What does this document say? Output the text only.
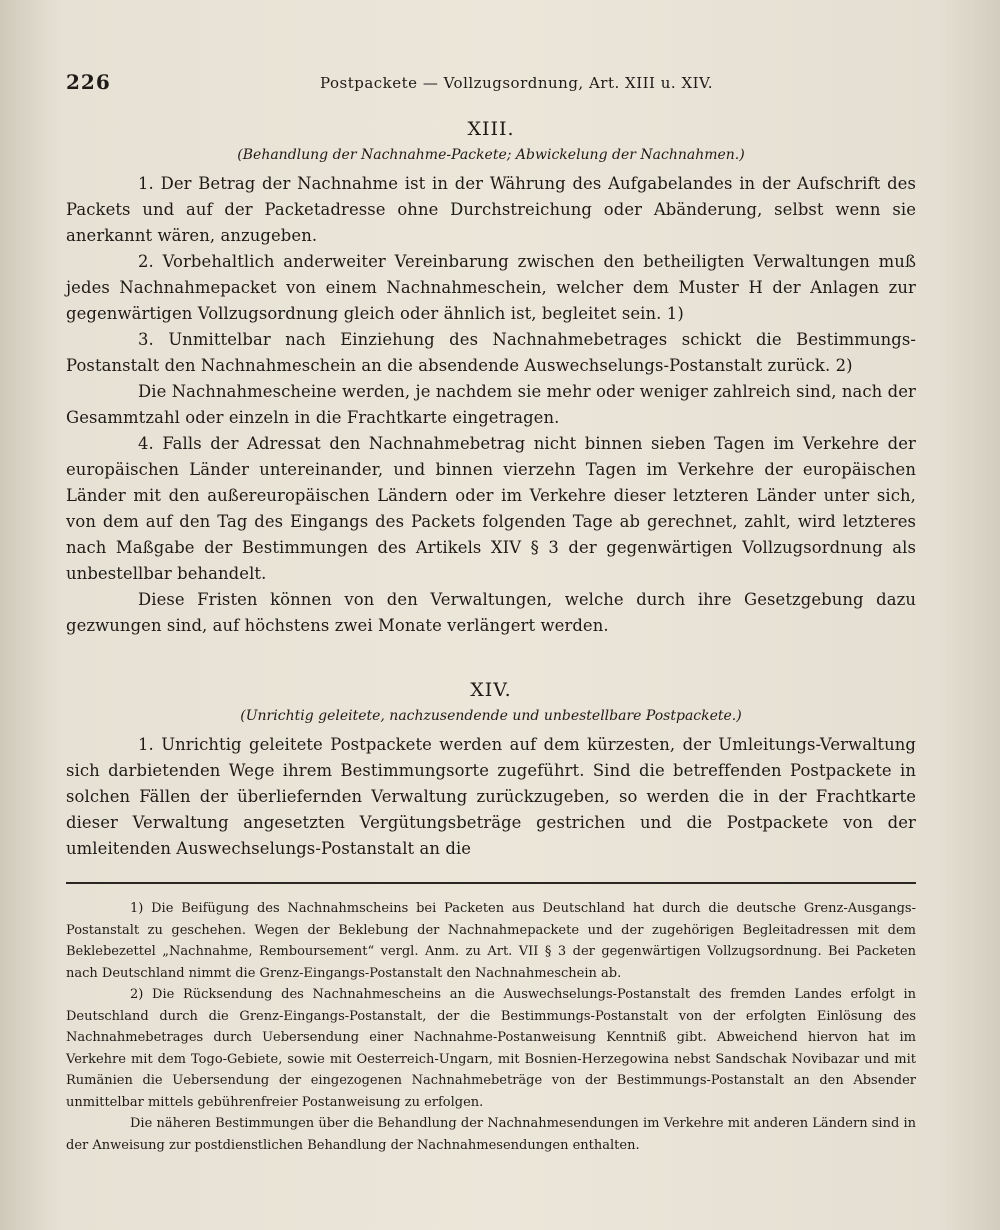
226	Postpackete — Vollzugsordnung, Art. XIII u. XIV.
XIII.
(Behandlung der Nachnahme-Packete; Abwickelung der Nachnahmen.)

1. Der Betrag der Nachnahme ist in der Währung des Aufgabelandes in der Aufschrift des Packets und auf der Packetadresse ohne Durchstreichung oder Abänderung, selbst wenn sie anerkannt wären, anzugeben.

2. Vorbehaltlich anderweiter Vereinbarung zwischen den betheiligten Verwaltungen muß jedes Nachnahmepacket von einem Nachnahmeschein, welcher dem Muster H der Anlagen zur gegenwärtigen Vollzugsordnung gleich oder ähnlich ist, begleitet sein. 1)

3. Unmittelbar nach Einziehung des Nachnahmebetrages schickt die Bestimmungs-Postanstalt den Nachnahmeschein an die absendende Auswechselungs-Postanstalt zurück. 2)

Die Nachnahmescheine werden, je nachdem sie mehr oder weniger zahlreich sind, nach der Gesammtzahl oder einzeln in die Frachtkarte eingetragen.

4. Falls der Adressat den Nachnahmebetrag nicht binnen sieben Tagen im Verkehre der europäischen Länder untereinander, und binnen vierzehn Tagen im Verkehre der europäischen Länder mit den außereuropäischen Ländern oder im Verkehre dieser letzteren Länder unter sich, von dem auf den Tag des Eingangs des Packets folgenden Tage ab gerechnet, zahlt, wird letzteres nach Maßgabe der Bestimmungen des Artikels XIV § 3 der gegenwärtigen Vollzugsordnung als unbestellbar behandelt.

Diese Fristen können von den Verwaltungen, welche durch ihre Gesetzgebung dazu gezwungen sind, auf höchstens zwei Monate verlängert werden.

XIV.
(Unrichtig geleitete, nachzusendende und unbestellbare Postpackete.)

1. Unrichtig geleitete Postpackete werden auf dem kürzesten, der Umleitungs-Verwaltung sich darbietenden Wege ihrem Bestimmungsorte zugeführt. Sind die betreffenden Postpackete in solchen Fällen der überliefernden Verwaltung zurückzugeben, so werden die in der Frachtkarte dieser Verwaltung angesetzten Vergütungsbeträge gestrichen und die Postpackete von der umleitenden Auswechselungs-Postanstalt an die

1) Die Beifügung des Nachnahmscheins bei Packeten aus Deutschland hat durch die deutsche Grenz-Ausgangs-Postanstalt zu geschehen. Wegen der Beklebung der Nachnahmepackete und der zugehörigen Begleitadressen mit dem Beklebezettel „Nachnahme, Remboursement“ vergl. Anm. zu Art. VII § 3 der gegenwärtigen Vollzugsordnung. Bei Packeten nach Deutschland nimmt die Grenz-Eingangs-Postanstalt den Nachnahmeschein ab.

2) Die Rücksendung des Nachnahmescheins an die Auswechselungs-Postanstalt des fremden Landes erfolgt in Deutschland durch die Grenz-Eingangs-Postanstalt, der die Bestimmungs-Postanstalt von der erfolgten Einlösung des Nachnahmebetrages durch Uebersendung einer Nachnahme-Postanweisung Kenntniß gibt. Abweichend hiervon hat im Verkehre mit dem Togo-Gebiete, sowie mit Oesterreich-Ungarn, mit Bosnien-Herzegowina nebst Sandschak Novibazar und mit Rumänien die Uebersendung der eingezogenen Nachnahmebeträge von der Bestimmungs-Postanstalt an den Absender unmittelbar mittels gebührenfreier Postanweisung zu erfolgen.

Die näheren Bestimmungen über die Behandlung der Nachnahmesendungen im Verkehre mit anderen Ländern sind in der Anweisung zur postdienstlichen Behandlung der Nachnahmesendungen enthalten.
